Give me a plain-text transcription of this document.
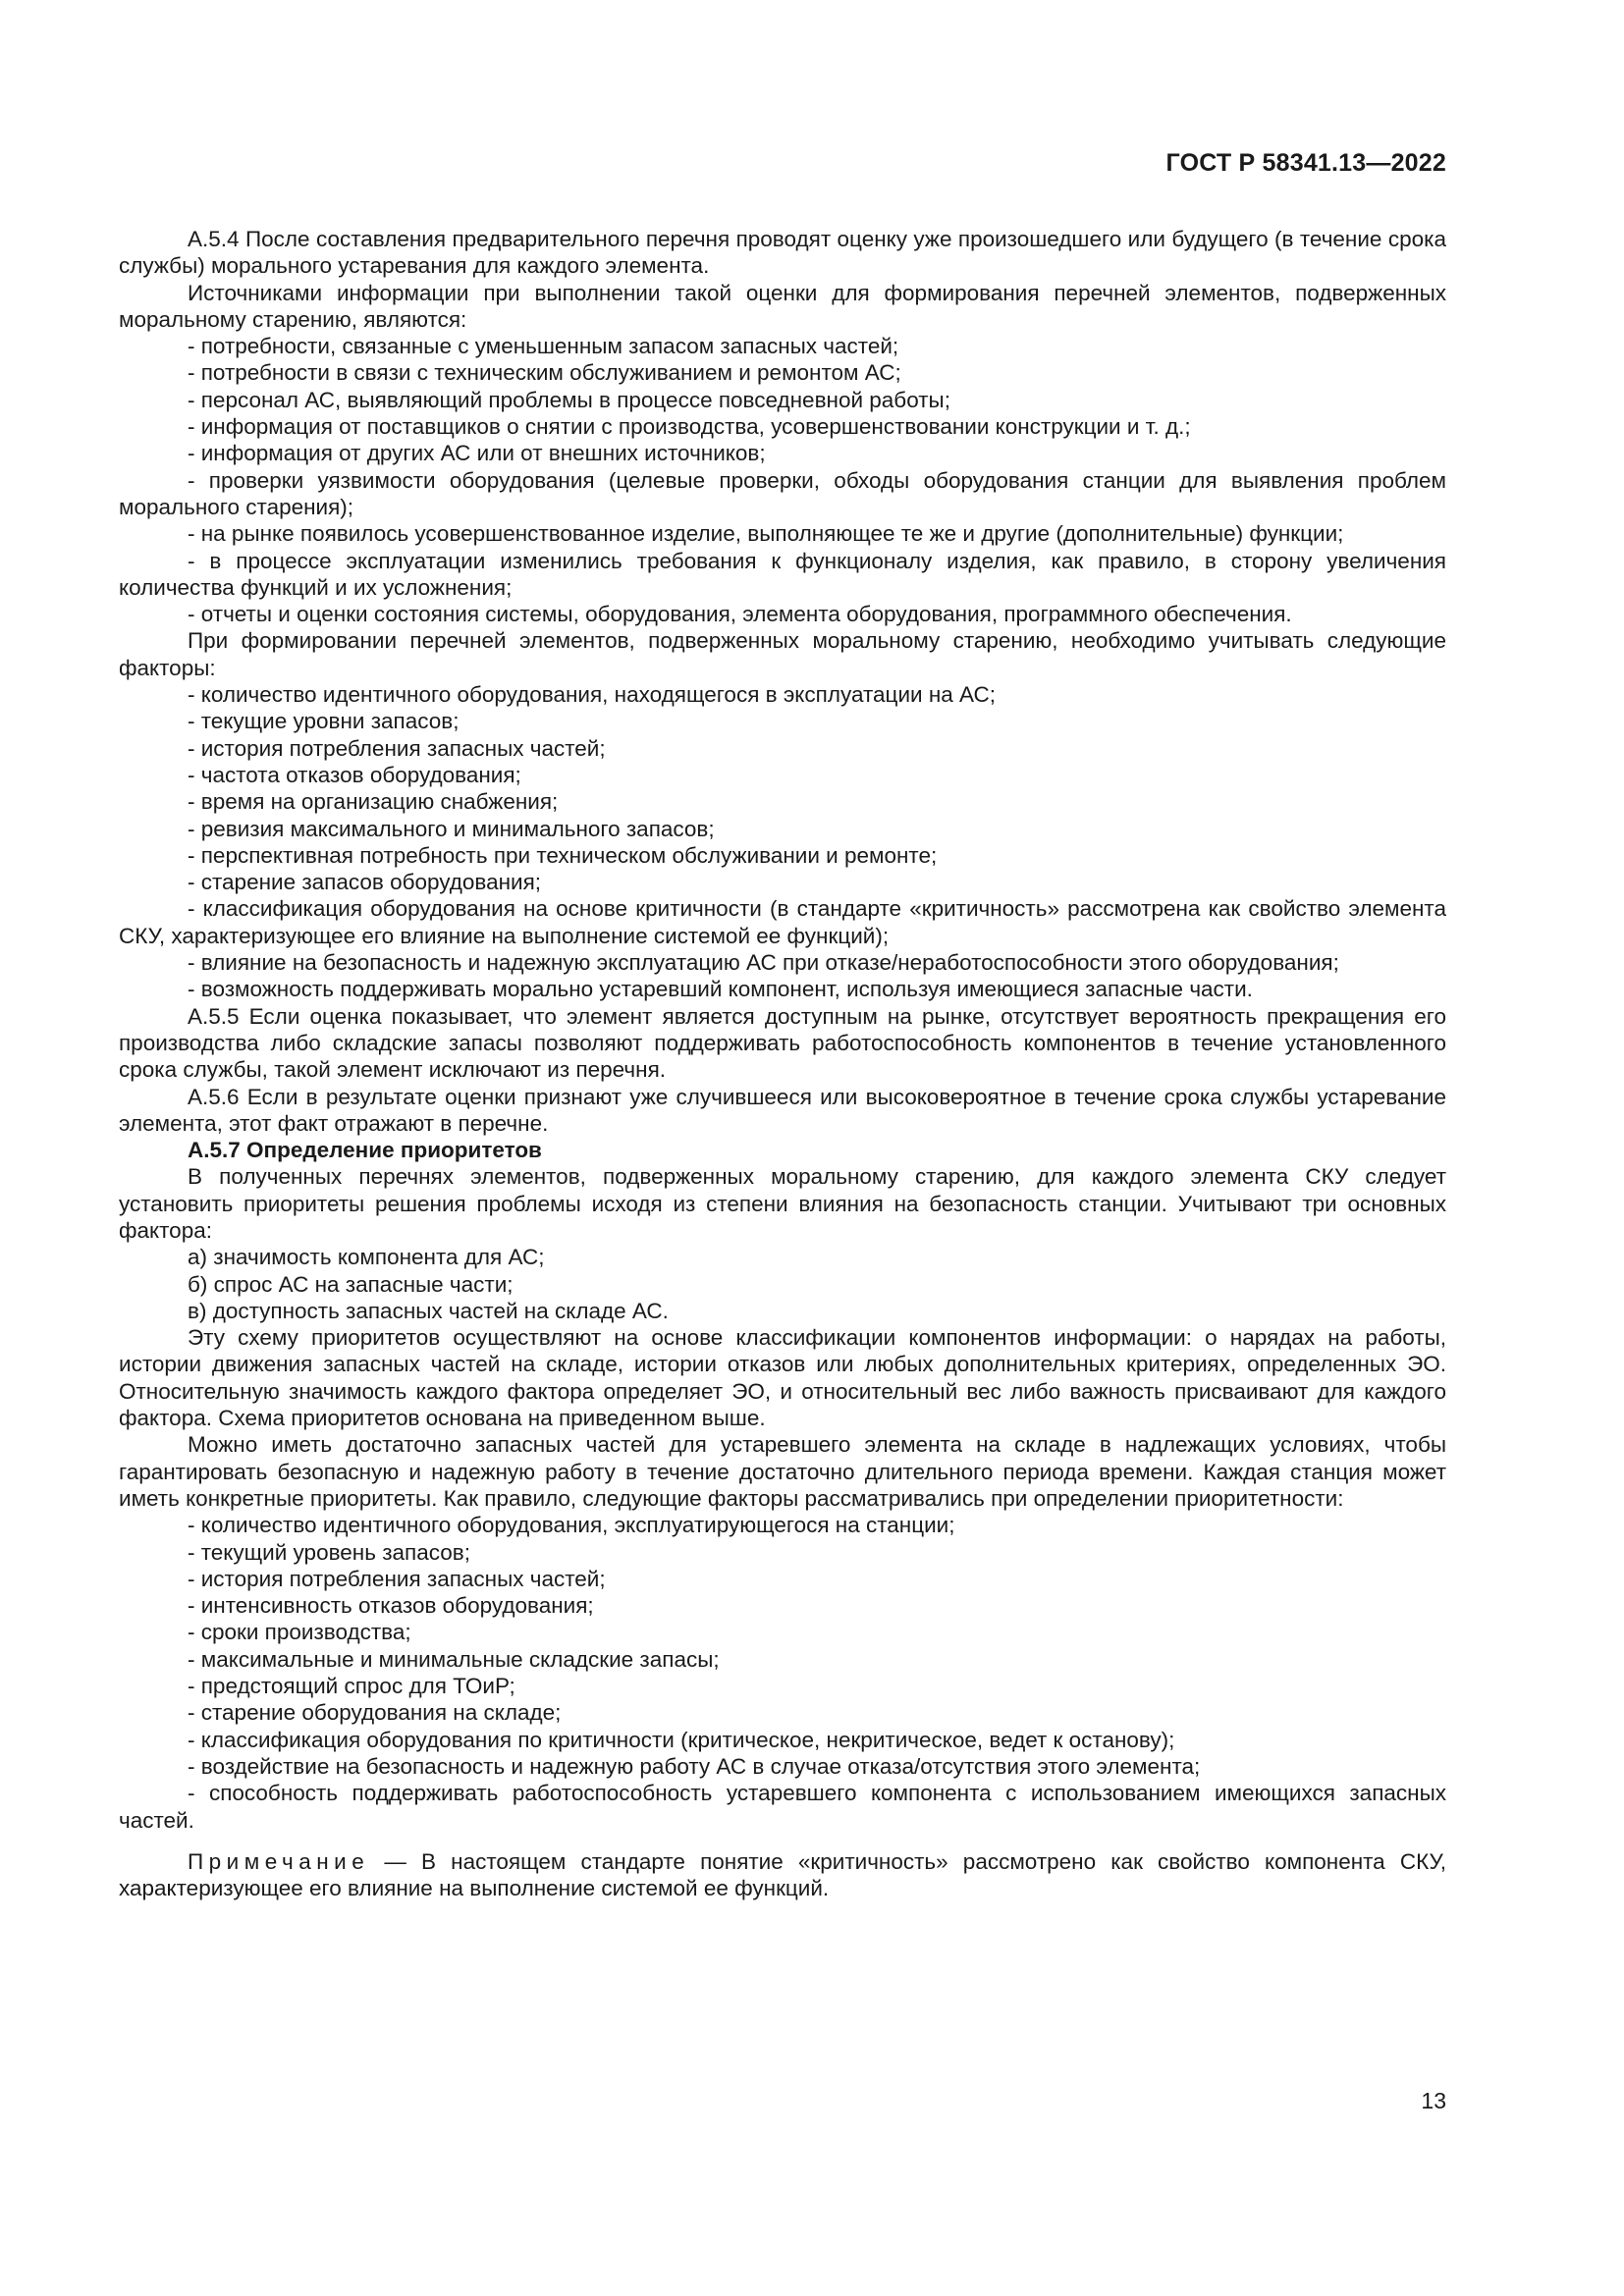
ГОСТ Р 58341.13—2022

А.5.4 После составления предварительного перечня проводят оценку уже произошедшего или будущего (в течение срока службы) морального устаревания для каждого элемента.

Источниками информации при выполнении такой оценки для формирования перечней элементов, подверженных моральному старению, являются:

- потребности, связанные с уменьшенным запасом запасных частей;

- потребности в связи с техническим обслуживанием и ремонтом АС;

- персонал АС, выявляющий проблемы в процессе повседневной работы;

- информация от поставщиков о снятии с производства, усовершенствовании конструкции и т. д.;

- информация от других АС или от внешних источников;

- проверки уязвимости оборудования (целевые проверки, обходы оборудования станции для выявления проблем морального старения);

- на рынке появилось усовершенствованное изделие, выполняющее те же и другие (дополнительные) функции;

- в процессе эксплуатации изменились требования к функционалу изделия, как правило, в сторону увеличения количества функций и их усложнения;

- отчеты и оценки состояния системы, оборудования, элемента оборудования, программного обеспечения.

При формировании перечней элементов, подверженных моральному старению, необходимо учитывать следующие факторы:

- количество идентичного оборудования, находящегося в эксплуатации на АС;

- текущие уровни запасов;

- история потребления запасных частей;

- частота отказов оборудования;

- время на организацию снабжения;

- ревизия максимального и минимального запасов;

- перспективная потребность при техническом обслуживании и ремонте;

- старение запасов оборудования;

- классификация оборудования на основе критичности (в стандарте «критичность» рассмотрена как свойство элемента СКУ, характеризующее его влияние на выполнение системой ее функций);

- влияние на безопасность и надежную эксплуатацию АС при отказе/неработоспособности этого оборудования;

- возможность поддерживать морально устаревший компонент, используя имеющиеся запасные части.

А.5.5 Если оценка показывает, что элемент является доступным на рынке, отсутствует вероятность прекращения его производства либо складские запасы позволяют поддерживать работоспособность компонентов в течение установленного срока службы, такой элемент исключают из перечня.

А.5.6 Если в результате оценки признают уже случившееся или высоковероятное в течение срока службы устаревание элемента, этот факт отражают в перечне.

А.5.7 Определение приоритетов

В полученных перечнях элементов, подверженных моральному старению, для каждого элемента СКУ следует установить приоритеты решения проблемы исходя из степени влияния на безопасность станции. Учитывают три основных фактора:

а) значимость компонента для АС;

б) спрос АС на запасные части;

в) доступность запасных частей на складе АС.

Эту схему приоритетов осуществляют на основе классификации компонентов информации: о нарядах на работы, истории движения запасных частей на складе, истории отказов или любых дополнительных критериях, определенных ЭО. Относительную значимость каждого фактора определяет ЭО, и относительный вес либо важность присваивают для каждого фактора. Схема приоритетов основана на приведенном выше.

Можно иметь достаточно запасных частей для устаревшего элемента на складе в надлежащих условиях, чтобы гарантировать безопасную и надежную работу в течение достаточно длительного периода времени. Каждая станция может иметь конкретные приоритеты. Как правило, следующие факторы рассматривались при определении приоритетности:

- количество идентичного оборудования, эксплуатирующегося на станции;

- текущий уровень запасов;

- история потребления запасных частей;

- интенсивность отказов оборудования;

- сроки производства;

- максимальные и минимальные складские запасы;

- предстоящий спрос для ТОиР;

- старение оборудования на складе;

- классификация оборудования по критичности (критическое, некритическое, ведет к останову);

- воздействие на безопасность и надежную работу АС в случае отказа/отсутствия этого элемента;

- способность поддерживать работоспособность устаревшего компонента с использованием имеющихся запасных частей.

Примечание — В настоящем стандарте понятие «критичность» рассмотрено как свойство компонента СКУ, характеризующее его влияние на выполнение системой ее функций.

13
